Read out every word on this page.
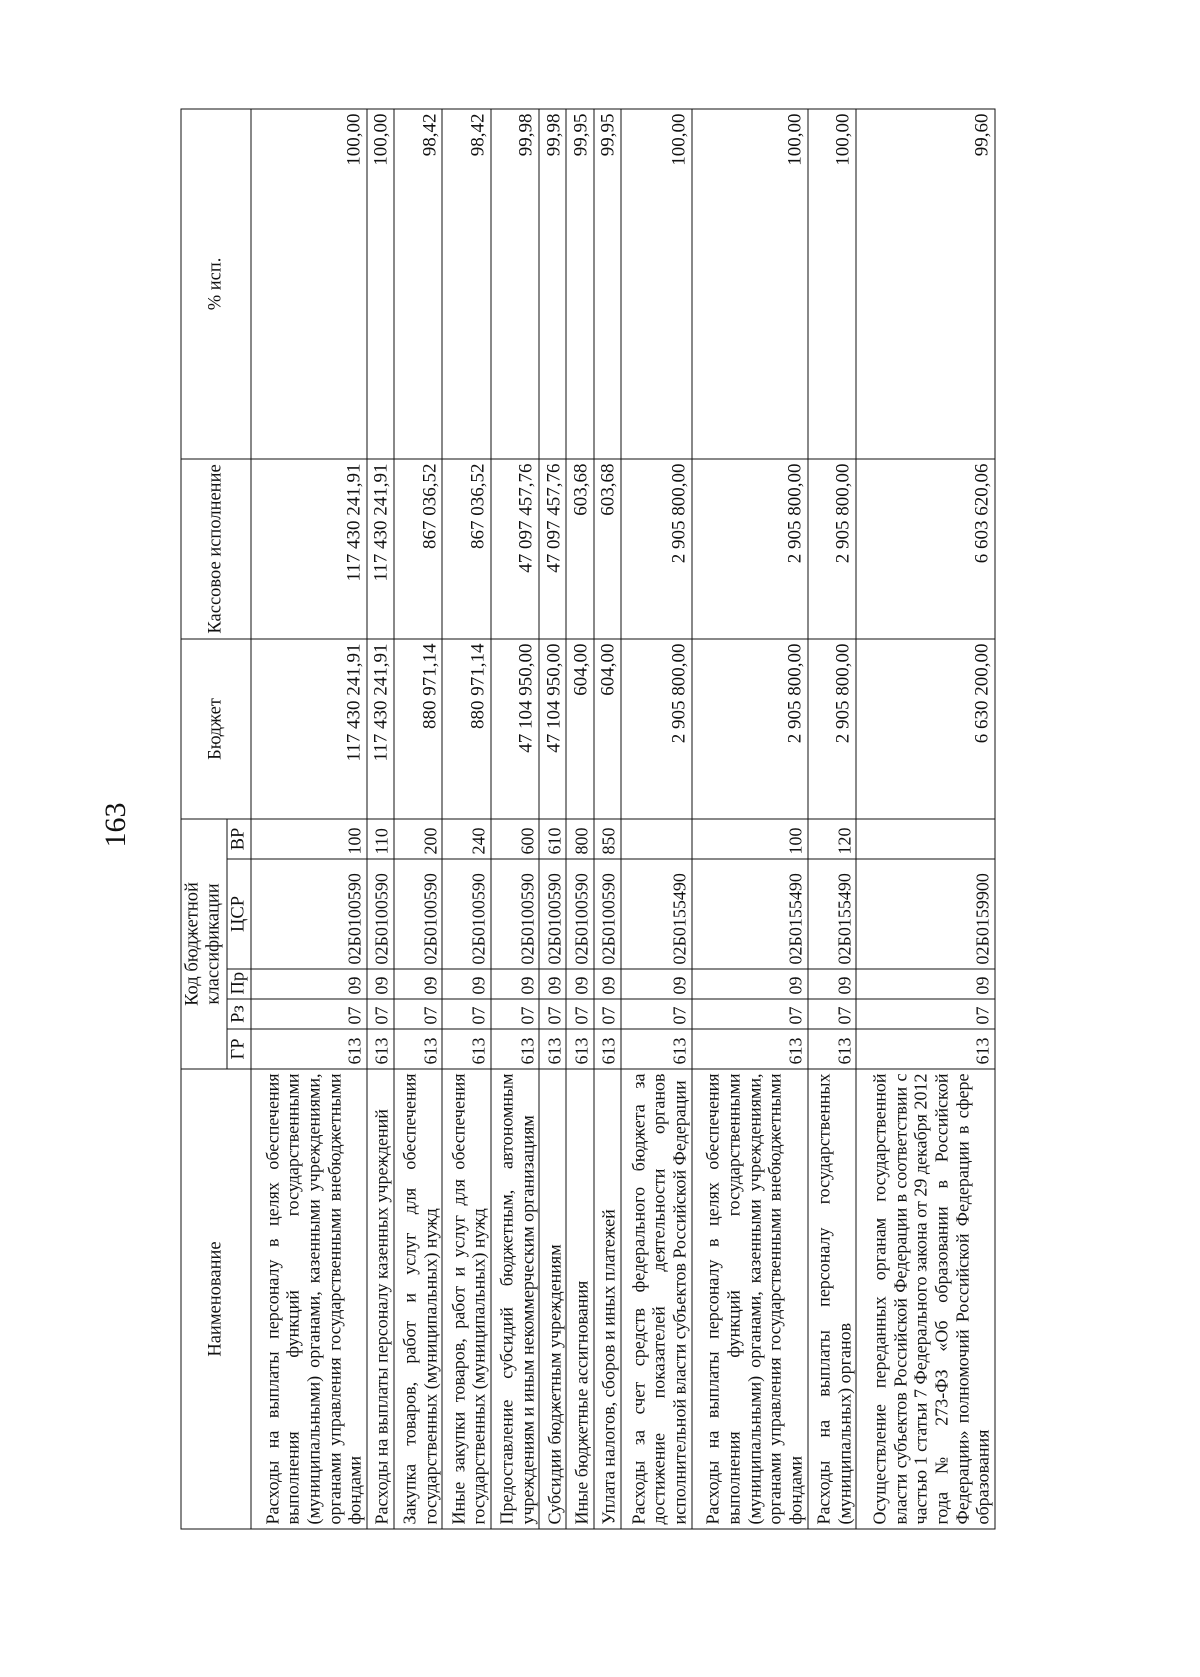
163
Наименование	Код бюджетной классификации					Бюджет	Кассовое исполнение	% исп.
	ГР	Рз	Пр	ЦСР	ВР			
Расходы на выплаты персоналу в целях обеспечения выполнения функций государственными (муниципальными) органами, казенными учреждениями, органами управления государственными внебюджетными фондами	613	07	09	02Б0100590	100	117 430 241,91	117 430 241,91	100,00
Расходы на выплаты персоналу казенных учреждений	613	07	09	02Б0100590	110	117 430 241,91	117 430 241,91	100,00
Закупка товаров, работ и услуг для обеспечения государственных (муниципальных) нужд	613	07	09	02Б0100590	200	880 971,14	867 036,52	98,42
Иные закупки товаров, работ и услуг для обеспечения государственных (муниципальных) нужд	613	07	09	02Б0100590	240	880 971,14	867 036,52	98,42
Предоставление субсидий бюджетным, автономным учреждениям и иным некоммерческим организациям	613	07	09	02Б0100590	600	47 104 950,00	47 097 457,76	99,98
Субсидии бюджетным учреждениям	613	07	09	02Б0100590	610	47 104 950,00	47 097 457,76	99,98
Иные бюджетные ассигнования	613	07	09	02Б0100590	800	604,00	603,68	99,95
Уплата налогов, сборов и иных платежей	613	07	09	02Б0100590	850	604,00	603,68	99,95
Расходы за счет средств федерального бюджета за достижение показателей деятельности органов исполнительной власти субъектов Российской Федерации	613	07	09	02Б0155490		2 905 800,00	2 905 800,00	100,00
Расходы на выплаты персоналу в целях обеспечения выполнения функций государственными (муниципальными) органами, казенными учреждениями, органами управления государственными внебюджетными фондами	613	07	09	02Б0155490	100	2 905 800,00	2 905 800,00	100,00
Расходы на выплаты персоналу государственных (муниципальных) органов	613	07	09	02Б0155490	120	2 905 800,00	2 905 800,00	100,00
Осуществление переданных органам государственной власти субъектов Российской Федерации в соответствии с частью 1 статьи 7 Федерального закона от 29 декабря 2012 года № 273-ФЗ «Об образовании в Российской Федерации» полномочий Российской Федерации в сфере образования	613	07	09	02Б0159900		6 630 200,00	6 603 620,06	99,60
